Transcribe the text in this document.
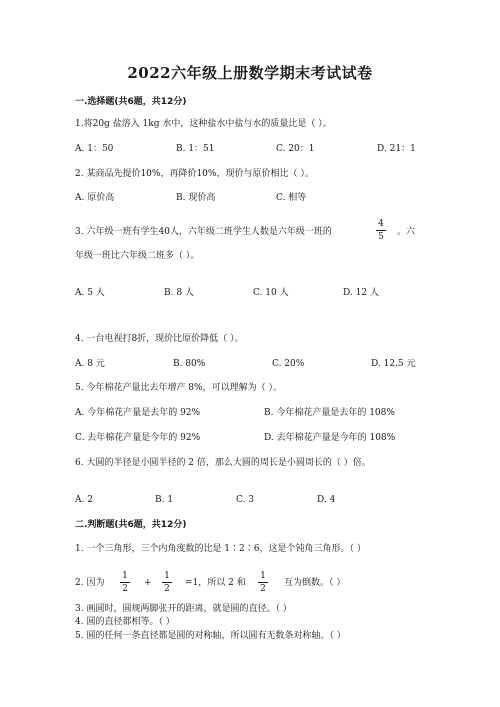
2022六年级上册数学期末考试试卷
一.选择题(共6题，共12分)
1.将20g 盐溶入 1kg 水中，这种盐水中盐与水的质量比是（ ）。
A. 1：50	B. 1：51	C. 20：1	D. 21：1
2. 某商品先提价10%，再降价10%，现价与原价相比（ ）。
A. 原价高	B. 现价高	C. 相等
3. 六年级一班有学生40人，六年级二班学生人数是六年级一班的
4
5 。六
年级一班比六年级二班多（ ）。
A. 5 人	B. 8 人	C. 10 人	D. 12 人
4. 一台电视打8折，现价比原价降低（ ）。
A. 8 元	B. 80%	C. 20%	D. 12.5 元
5. 今年棉花产量比去年增产 8%，可以理解为（ ）。
A. 今年棉花产量是去年的 92%	B. 今年棉花产量是去年的 108%
C. 去年棉花产量是今年的 92%	D. 去年棉花产量是今年的 108%
6. 大圆的半径是小圆半径的 2 倍，那么大圆的周长是小圆周长的（ ）倍。
A. 2	B. 1	C. 3	D. 4
二.判断题(共6题，共12分)
1. 一个三角形，三个内角度数的比是 1∶2∶6，这是个钝角三角形。（ ）
2. 因为
1
2
+
1
2
=1，所以 2 和
1
2
互为倒数。（ ）
3. 画圆时，圆规两脚张开的距离，就是圆的直径。（ ）
4. 圆的直径都相等。（ ）
5. 圆的任何一条直径都是圆的对称轴，所以圆有无数条对称轴。（ ）
